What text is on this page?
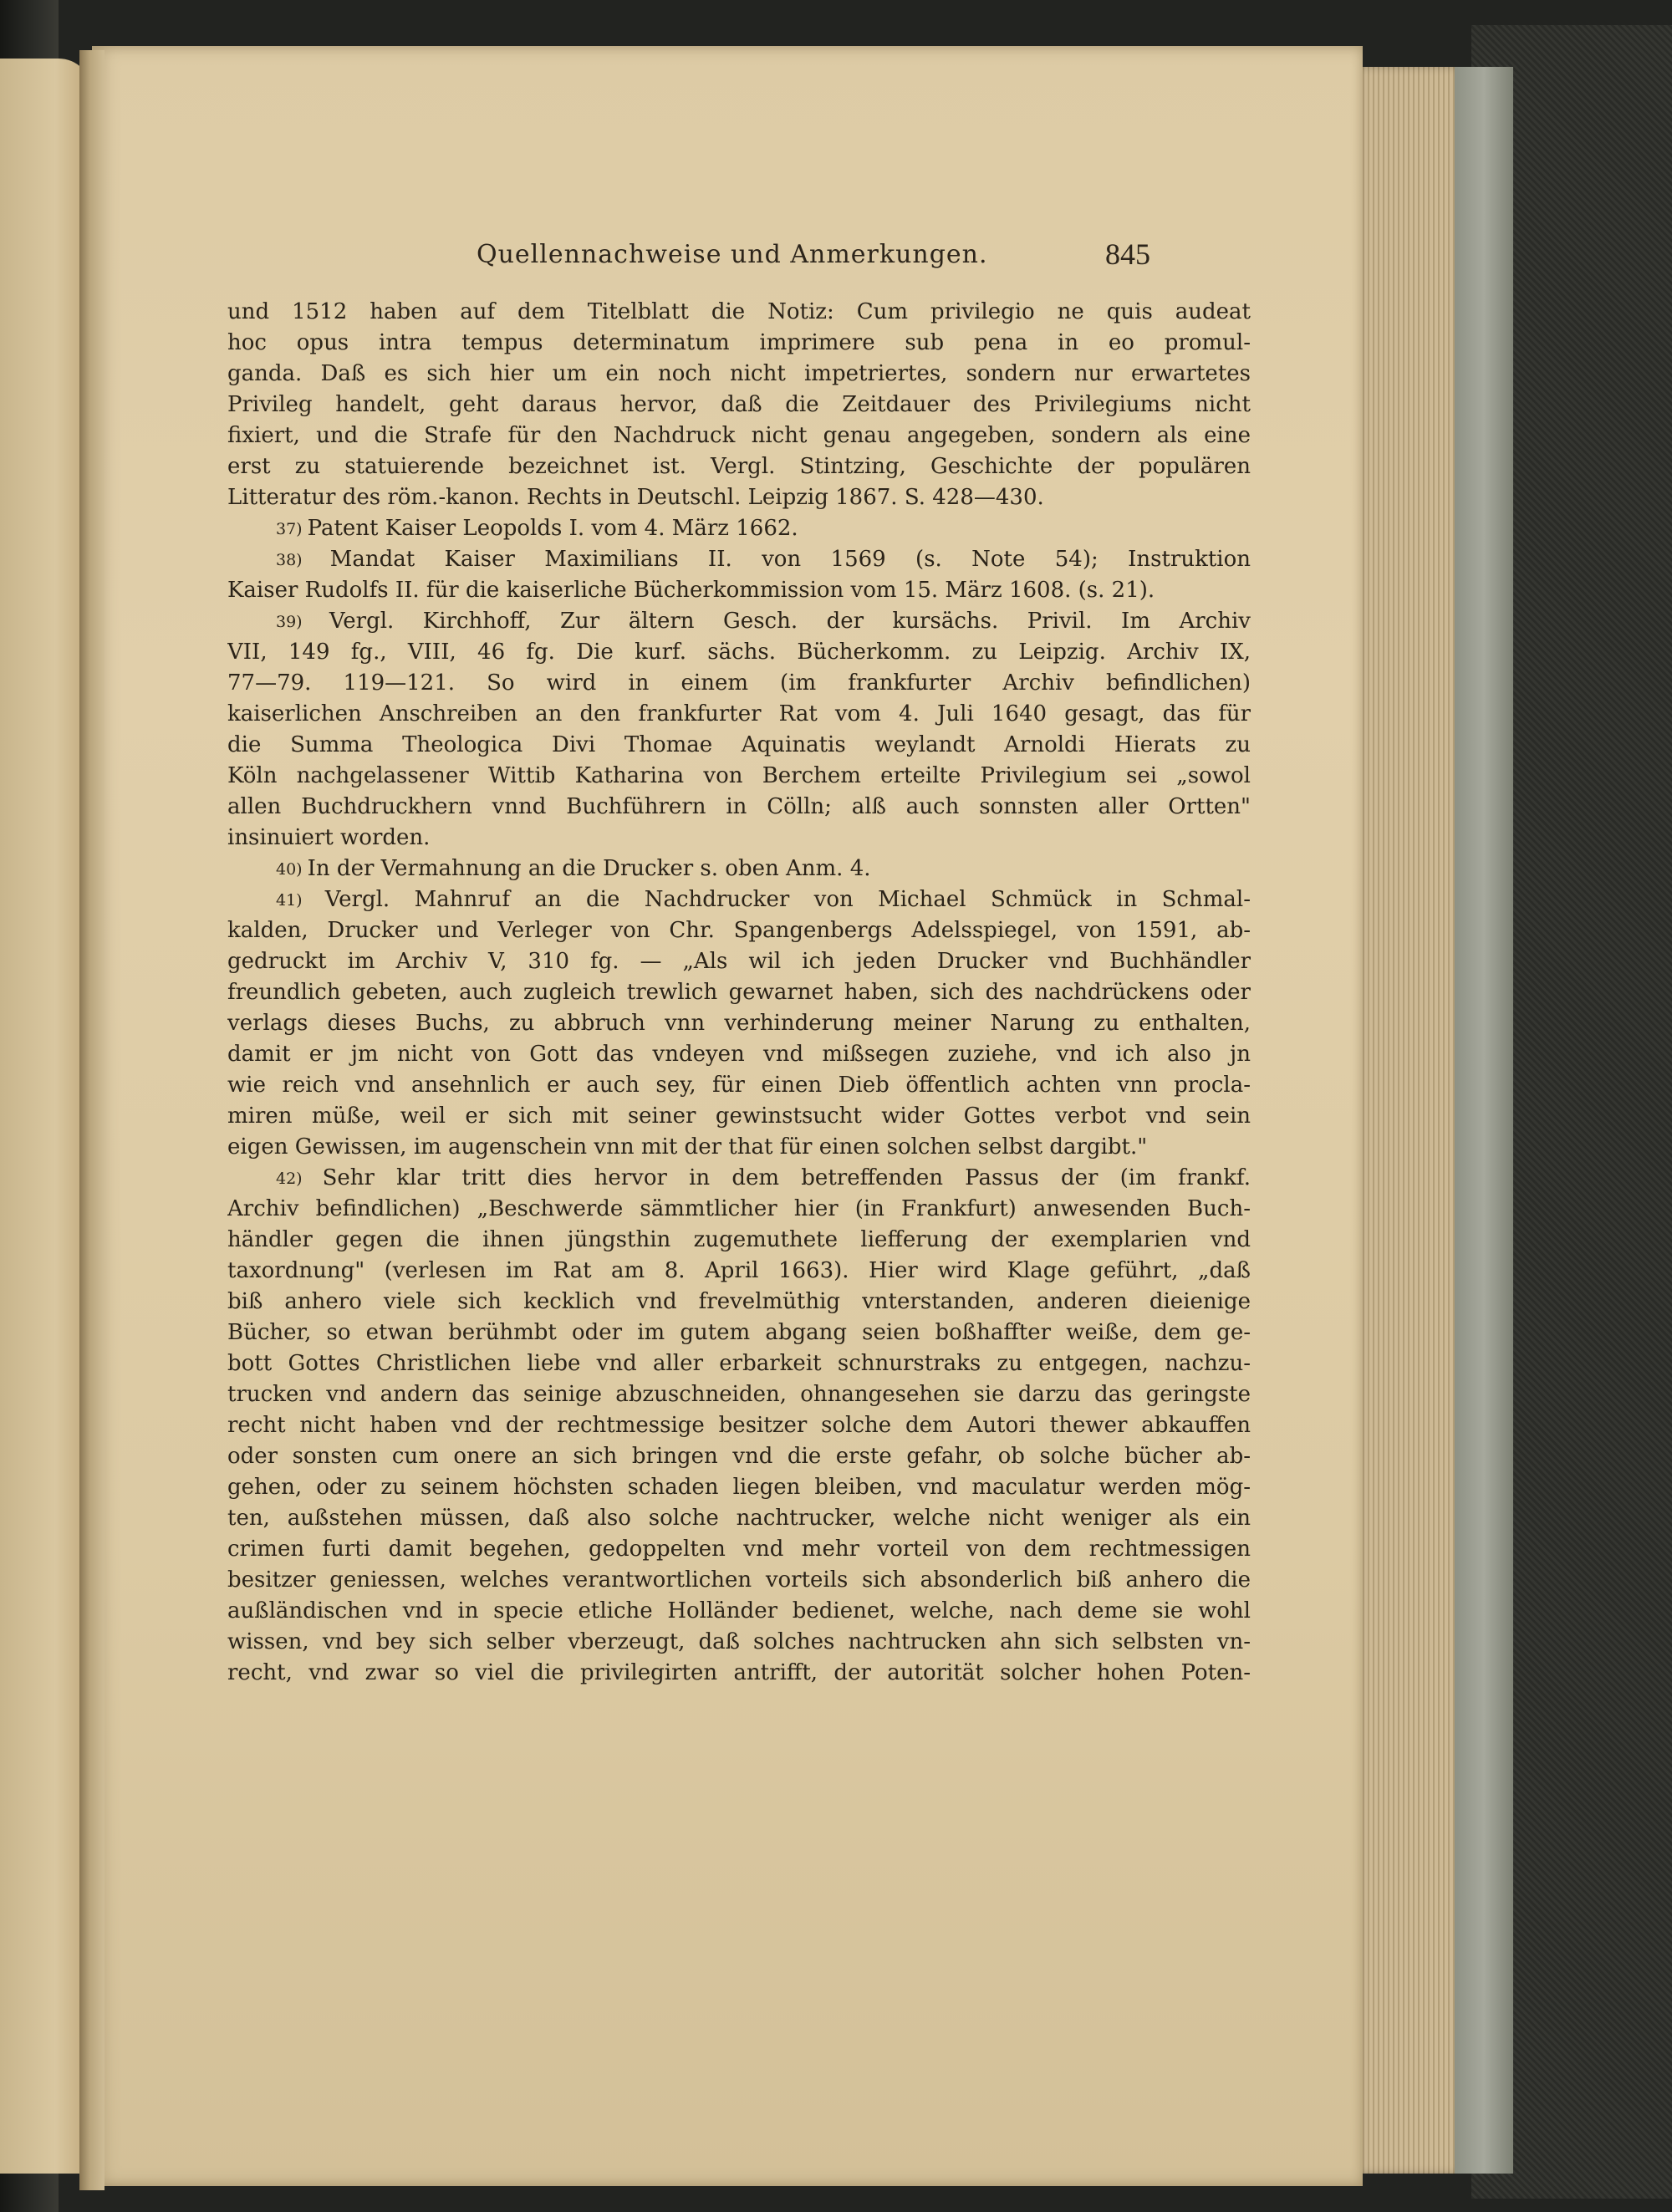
Quellennachweise und Anmerkungen.	845
und 1512 haben auf dem Titelblatt die Notiz: Cum privilegio ne quis audeat
hoc opus intra tempus determinatum imprimere sub pena in eo promul-
ganda. Daß es sich hier um ein noch nicht impetriertes, sondern nur erwartetes
Privileg handelt, geht daraus hervor, daß die Zeitdauer des Privilegiums nicht
fixiert, und die Strafe für den Nachdruck nicht genau angegeben, sondern als eine
erst zu statuierende bezeichnet ist. Vergl. Stintzing, Geschichte der populären
Litteratur des röm.-kanon. Rechts in Deutschl. Leipzig 1867. S. 428—430.
37) Patent Kaiser Leopolds I. vom 4. März 1662.
38) Mandat Kaiser Maximilians II. von 1569 (s. Note 54); Instruktion
Kaiser Rudolfs II. für die kaiserliche Bücherkommission vom 15. März 1608. (s. 21).
39) Vergl. Kirchhoff, Zur ältern Gesch. der kursächs. Privil. Im Archiv
VII, 149 fg., VIII, 46 fg. Die kurf. sächs. Bücherkomm. zu Leipzig. Archiv IX,
77—79. 119—121. So wird in einem (im frankfurter Archiv befindlichen)
kaiserlichen Anschreiben an den frankfurter Rat vom 4. Juli 1640 gesagt, das für
die Summa Theologica Divi Thomae Aquinatis weylandt Arnoldi Hierats zu
Köln nachgelassener Wittib Katharina von Berchem erteilte Privilegium sei „sowol
allen Buchdruckhern vnnd Buchführern in Cölln; alß auch sonnsten aller Ortten"
insinuiert worden.
40) In der Vermahnung an die Drucker s. oben Anm. 4.
41) Vergl. Mahnruf an die Nachdrucker von Michael Schmück in Schmal-
kalden, Drucker und Verleger von Chr. Spangenbergs Adelsspiegel, von 1591, ab-
gedruckt im Archiv V, 310 fg. — „Als wil ich jeden Drucker vnd Buchhändler
freundlich gebeten, auch zugleich trewlich gewarnet haben, sich des nachdrückens oder
verlags dieses Buchs, zu abbruch vnn verhinderung meiner Narung zu enthalten,
damit er jm nicht von Gott das vndeyen vnd mißsegen zuziehe, vnd ich also jn
wie reich vnd ansehnlich er auch sey, für einen Dieb öffentlich achten vnn procla-
miren müße, weil er sich mit seiner gewinstsucht wider Gottes verbot vnd sein
eigen Gewissen, im augenschein vnn mit der that für einen solchen selbst dargibt."
42) Sehr klar tritt dies hervor in dem betreffenden Passus der (im frankf.
Archiv befindlichen) „Beschwerde sämmtlicher hier (in Frankfurt) anwesenden Buch-
händler gegen die ihnen jüngsthin zugemuthete liefferung der exemplarien vnd
taxordnung" (verlesen im Rat am 8. April 1663). Hier wird Klage geführt, „daß
biß anhero viele sich kecklich vnd frevelmüthig vnterstanden, anderen dieienige
Bücher, so etwan berühmbt oder im gutem abgang seien boßhaffter weiße, dem ge-
bott Gottes Christlichen liebe vnd aller erbarkeit schnurstraks zu entgegen, nachzu-
trucken vnd andern das seinige abzuschneiden, ohnangesehen sie darzu das geringste
recht nicht haben vnd der rechtmessige besitzer solche dem Autori thewer abkauffen
oder sonsten cum onere an sich bringen vnd die erste gefahr, ob solche bücher ab-
gehen, oder zu seinem höchsten schaden liegen bleiben, vnd maculatur werden mög-
ten, außstehen müssen, daß also solche nachtrucker, welche nicht weniger als ein
crimen furti damit begehen, gedoppelten vnd mehr vorteil von dem rechtmessigen
besitzer geniessen, welches verantwortlichen vorteils sich absonderlich biß anhero die
außländischen vnd in specie etliche Holländer bedienet, welche, nach deme sie wohl
wissen, vnd bey sich selber vberzeugt, daß solches nachtrucken ahn sich selbsten vn-
recht, vnd zwar so viel die privilegirten antrifft, der autorität solcher hohen Poten-
